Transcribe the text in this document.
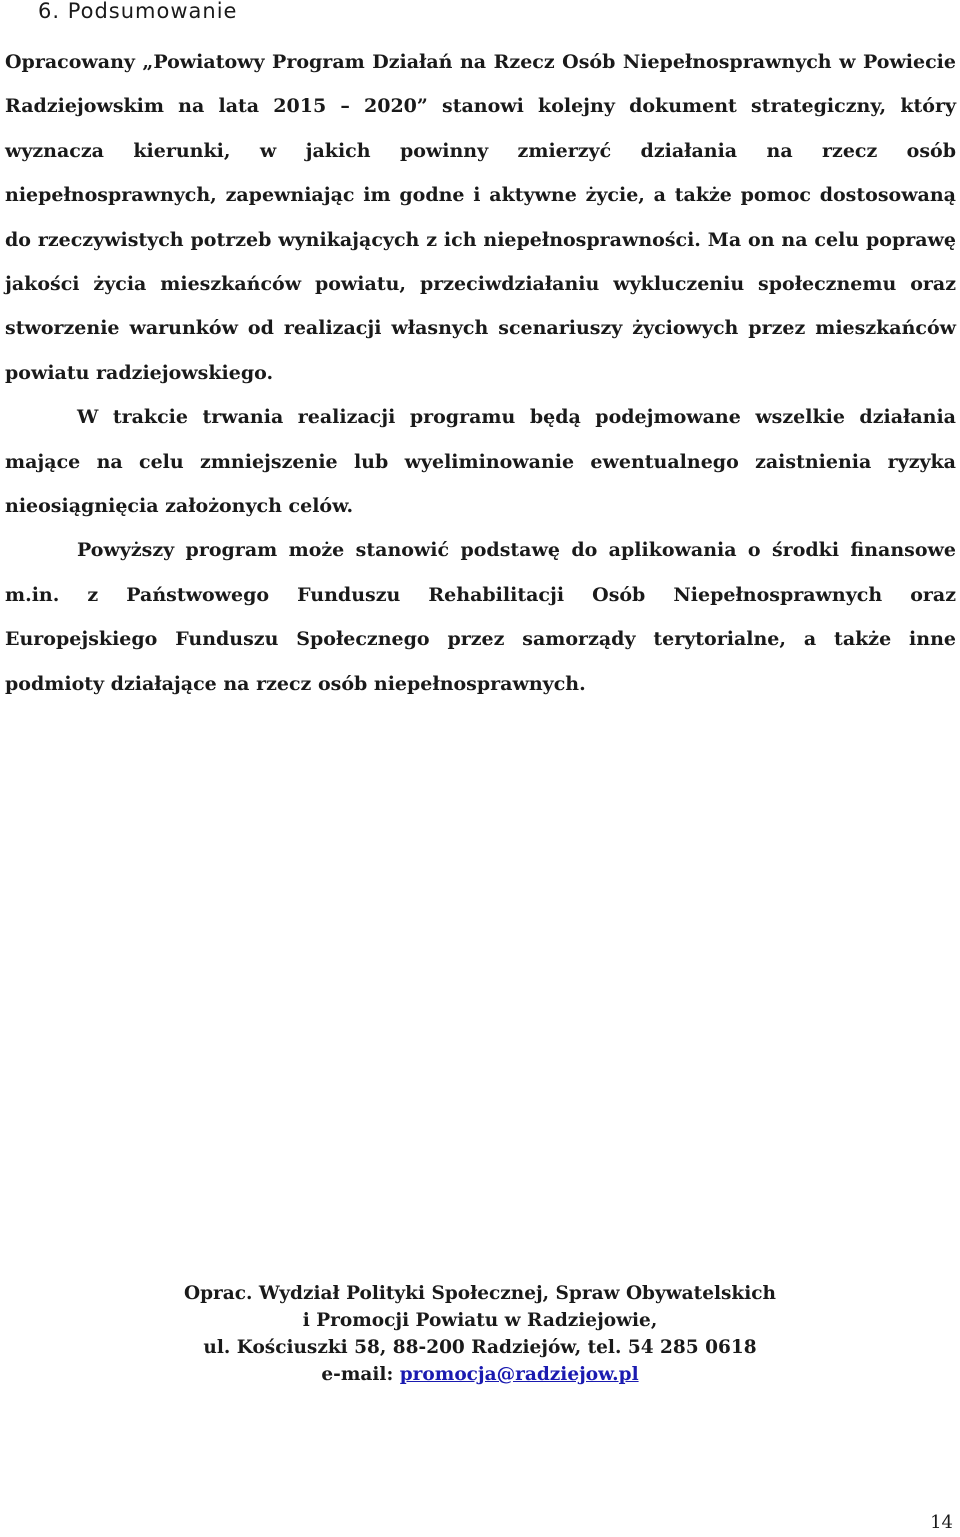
6. Podsumowanie

Opracowany „Powiatowy Program Działań na Rzecz Osób Niepełnosprawnych w Powiecie Radziejowskim na lata 2015 – 2020” stanowi kolejny dokument strategiczny, który wyznacza kierunki, w jakich powinny zmierzyć działania na rzecz osób niepełnosprawnych, zapewniając im godne i aktywne życie, a także pomoc dostosowaną do rzeczywistych potrzeb wynikających z ich niepełnosprawności. Ma on na celu poprawę jakości życia mieszkańców powiatu, przeciwdziałaniu wykluczeniu społecznemu oraz stworzenie warunków od realizacji własnych scenariuszy życiowych przez mieszkańców powiatu radziejowskiego.

W trakcie trwania realizacji programu będą podejmowane wszelkie działania mające na celu zmniejszenie lub wyeliminowanie ewentualnego zaistnienia ryzyka nieosiągnięcia założonych celów.

Powyższy program może stanowić podstawę do aplikowania o środki finansowe m.in. z Państwowego Funduszu Rehabilitacji Osób Niepełnosprawnych oraz Europejskiego Funduszu Społecznego przez samorządy terytorialne, a także inne podmioty działające na rzecz osób niepełnosprawnych.

Oprac. Wydział Polityki Społecznej, Spraw Obywatelskich
i Promocji Powiatu w Radziejowie,
ul. Kościuszki 58, 88-200 Radziejów, tel. 54 285 0618
e-mail: promocja@radziejow.pl
14
